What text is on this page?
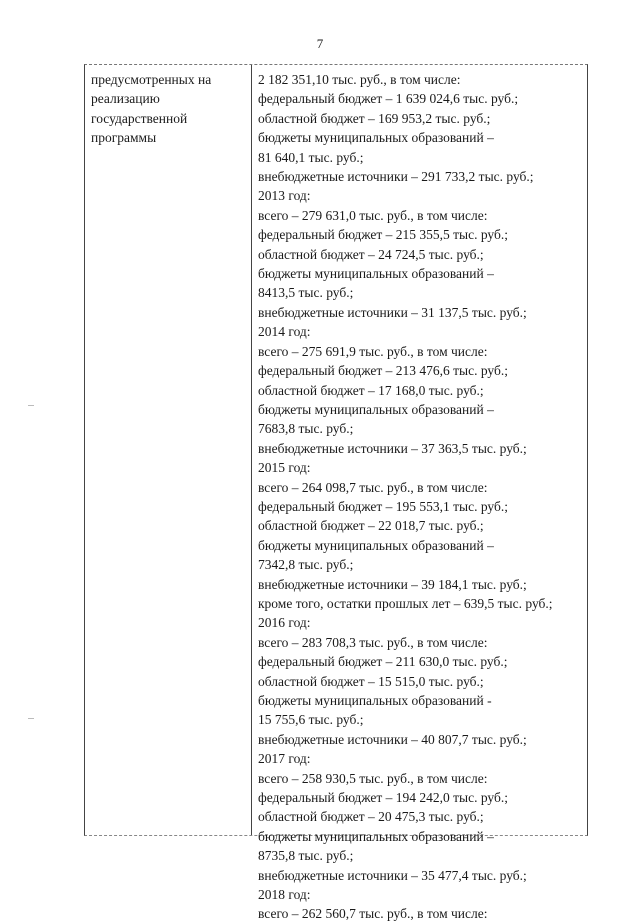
7
предусмотренных на
реализацию
государственной
программы
2 182 351,10 тыс. руб., в том числе:
федеральный бюджет – 1 639 024,6 тыс. руб.;
областной бюджет – 169 953,2 тыс. руб.;
бюджеты муниципальных образований –
81 640,1 тыс. руб.;
внебюджетные источники – 291 733,2 тыс. руб.;
2013 год:
всего – 279 631,0 тыс. руб., в том числе:
федеральный бюджет – 215 355,5 тыс. руб.;
областной бюджет – 24 724,5 тыс. руб.;
бюджеты муниципальных образований –
8413,5 тыс. руб.;
внебюджетные источники – 31 137,5 тыс. руб.;
2014 год:
всего – 275 691,9 тыс. руб., в том числе:
федеральный бюджет – 213 476,6 тыс. руб.;
областной бюджет – 17 168,0 тыс. руб.;
бюджеты муниципальных образований –
7683,8 тыс. руб.;
внебюджетные источники – 37 363,5 тыс. руб.;
2015 год:
всего – 264 098,7 тыс. руб., в том числе:
федеральный бюджет – 195 553,1 тыс. руб.;
областной бюджет – 22 018,7 тыс. руб.;
бюджеты муниципальных образований –
7342,8 тыс. руб.;
внебюджетные источники – 39 184,1 тыс. руб.;
кроме того, остатки прошлых лет – 639,5 тыс. руб.;
2016 год:
всего – 283 708,3 тыс. руб., в том числе:
федеральный бюджет – 211 630,0 тыс. руб.;
областной бюджет – 15 515,0 тыс. руб.;
бюджеты муниципальных образований -
15 755,6 тыс. руб.;
внебюджетные источники – 40 807,7 тыс. руб.;
2017 год:
всего – 258 930,5 тыс. руб., в том числе:
федеральный бюджет – 194 242,0 тыс. руб.;
областной бюджет – 20 475,3 тыс. руб.;
бюджеты муниципальных образований –
8735,8 тыс. руб.;
внебюджетные источники – 35 477,4 тыс. руб.;
2018 год:
всего – 262 560,7 тыс. руб., в том числе:
